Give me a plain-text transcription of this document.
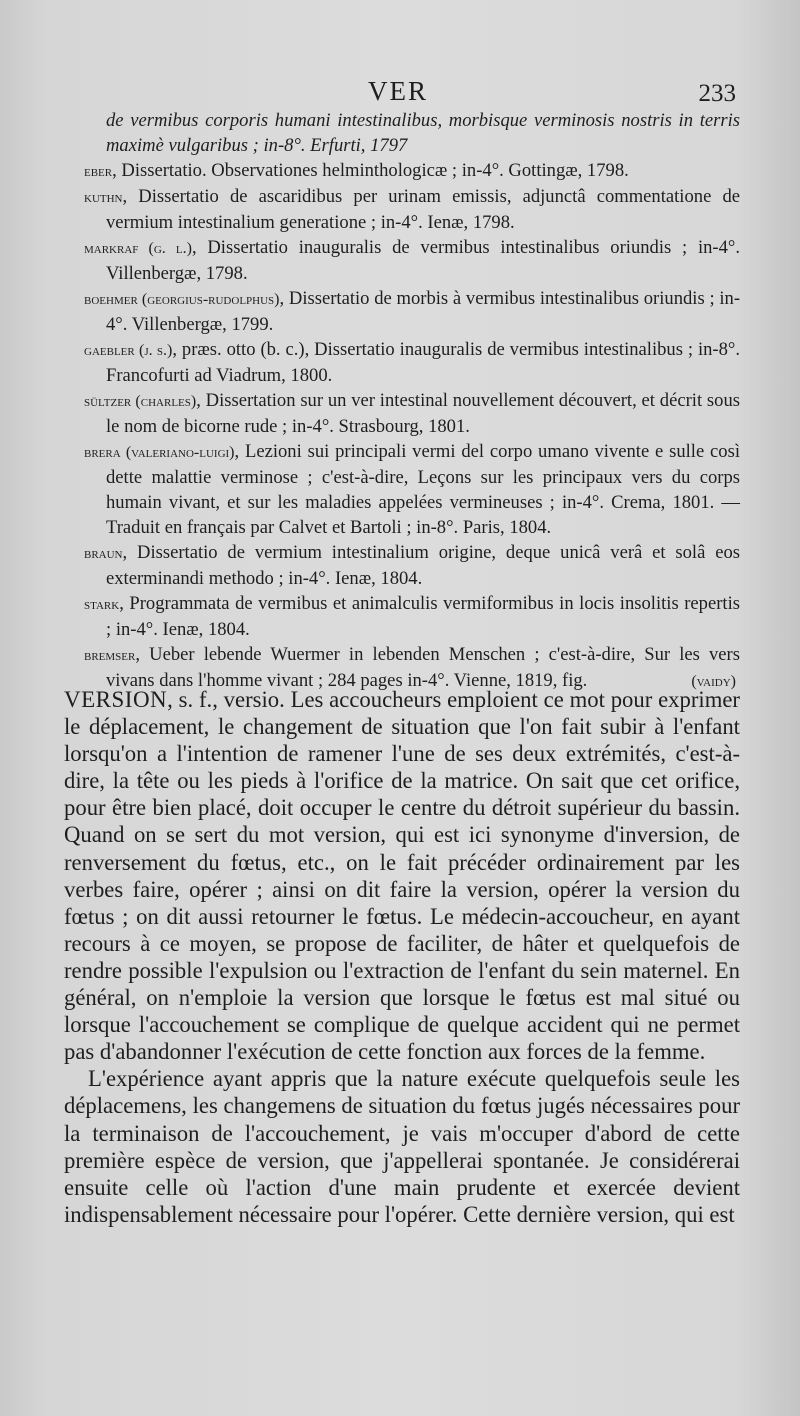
VER	233

de vermibus corporis humani intestinalibus, morbisque verminosis nostris in terris maximè vulgaribus ; in-8°. Erfurti, 1797

eber, Dissertatio. Observationes helminthologicæ ; in-4°. Gottingæ, 1798.

kuthn, Dissertatio de ascaridibus per urinam emissis, adjunctâ commentatione de vermium intestinalium generatione ; in-4°. Ienæ, 1798.

markraf (g. l.), Dissertatio inauguralis de vermibus intestinalibus oriundis ; in-4°. Villenbergæ, 1798.

boehmer (georgius-rudolphus), Dissertatio de morbis à vermibus intestinalibus oriundis ; in-4°. Villenbergæ, 1799.

gaebler (j. s.), præs. otto (b. c.), Dissertatio inauguralis de vermibus intestinalibus ; in-8°. Francofurti ad Viadrum, 1800.

sültzer (charles), Dissertation sur un ver intestinal nouvellement découvert, et décrit sous le nom de bicorne rude ; in-4°. Strasbourg, 1801.

brera (valeriano-luigi), Lezioni sui principali vermi del corpo umano vivente e sulle così dette malattie verminose ; c'est-à-dire, Leçons sur les principaux vers du corps humain vivant, et sur les maladies appelées vermineuses ; in-4°. Crema, 1801. — Traduit en français par Calvet et Bartoli ; in-8°. Paris, 1804.

braun, Dissertatio de vermium intestinalium origine, deque unicâ verâ et solâ eos exterminandi methodo ; in-4°. Ienæ, 1804.

stark, Programmata de vermibus et animalculis vermiformibus in locis insolitis repertis ; in-4°. Ienæ, 1804.

bremser, Ueber lebende Wuermer in lebenden Menschen ; c'est-à-dire, Sur les vers vivans dans l'homme vivant ; 284 pages in-4°. Vienne, 1819, fig.	(vaidy)

VERSION, s. f., versio. Les accoucheurs emploient ce mot pour exprimer le déplacement, le changement de situation que l'on fait subir à l'enfant lorsqu'on a l'intention de ramener l'une de ses deux extrémités, c'est-à-dire, la tête ou les pieds à l'orifice de la matrice. On sait que cet orifice, pour être bien placé, doit occuper le centre du détroit supérieur du bassin. Quand on se sert du mot version, qui est ici synonyme d'inversion, de renversement du fœtus, etc., on le fait précéder ordinairement par les verbes faire, opérer ; ainsi on dit faire la version, opérer la version du fœtus ; on dit aussi retourner le fœtus. Le médecin-accoucheur, en ayant recours à ce moyen, se propose de faciliter, de hâter et quelquefois de rendre possible l'expulsion ou l'extraction de l'enfant du sein maternel. En général, on n'emploie la version que lorsque le fœtus est mal situé ou lorsque l'accouchement se complique de quelque accident qui ne permet pas d'abandonner l'exécution de cette fonction aux forces de la femme.

L'expérience ayant appris que la nature exécute quelquefois seule les déplacemens, les changemens de situation du fœtus jugés nécessaires pour la terminaison de l'accouchement, je vais m'occuper d'abord de cette première espèce de version, que j'appellerai spontanée. Je considérerai ensuite celle où l'action d'une main prudente et exercée devient indispensablement nécessaire pour l'opérer. Cette dernière version, qui est
